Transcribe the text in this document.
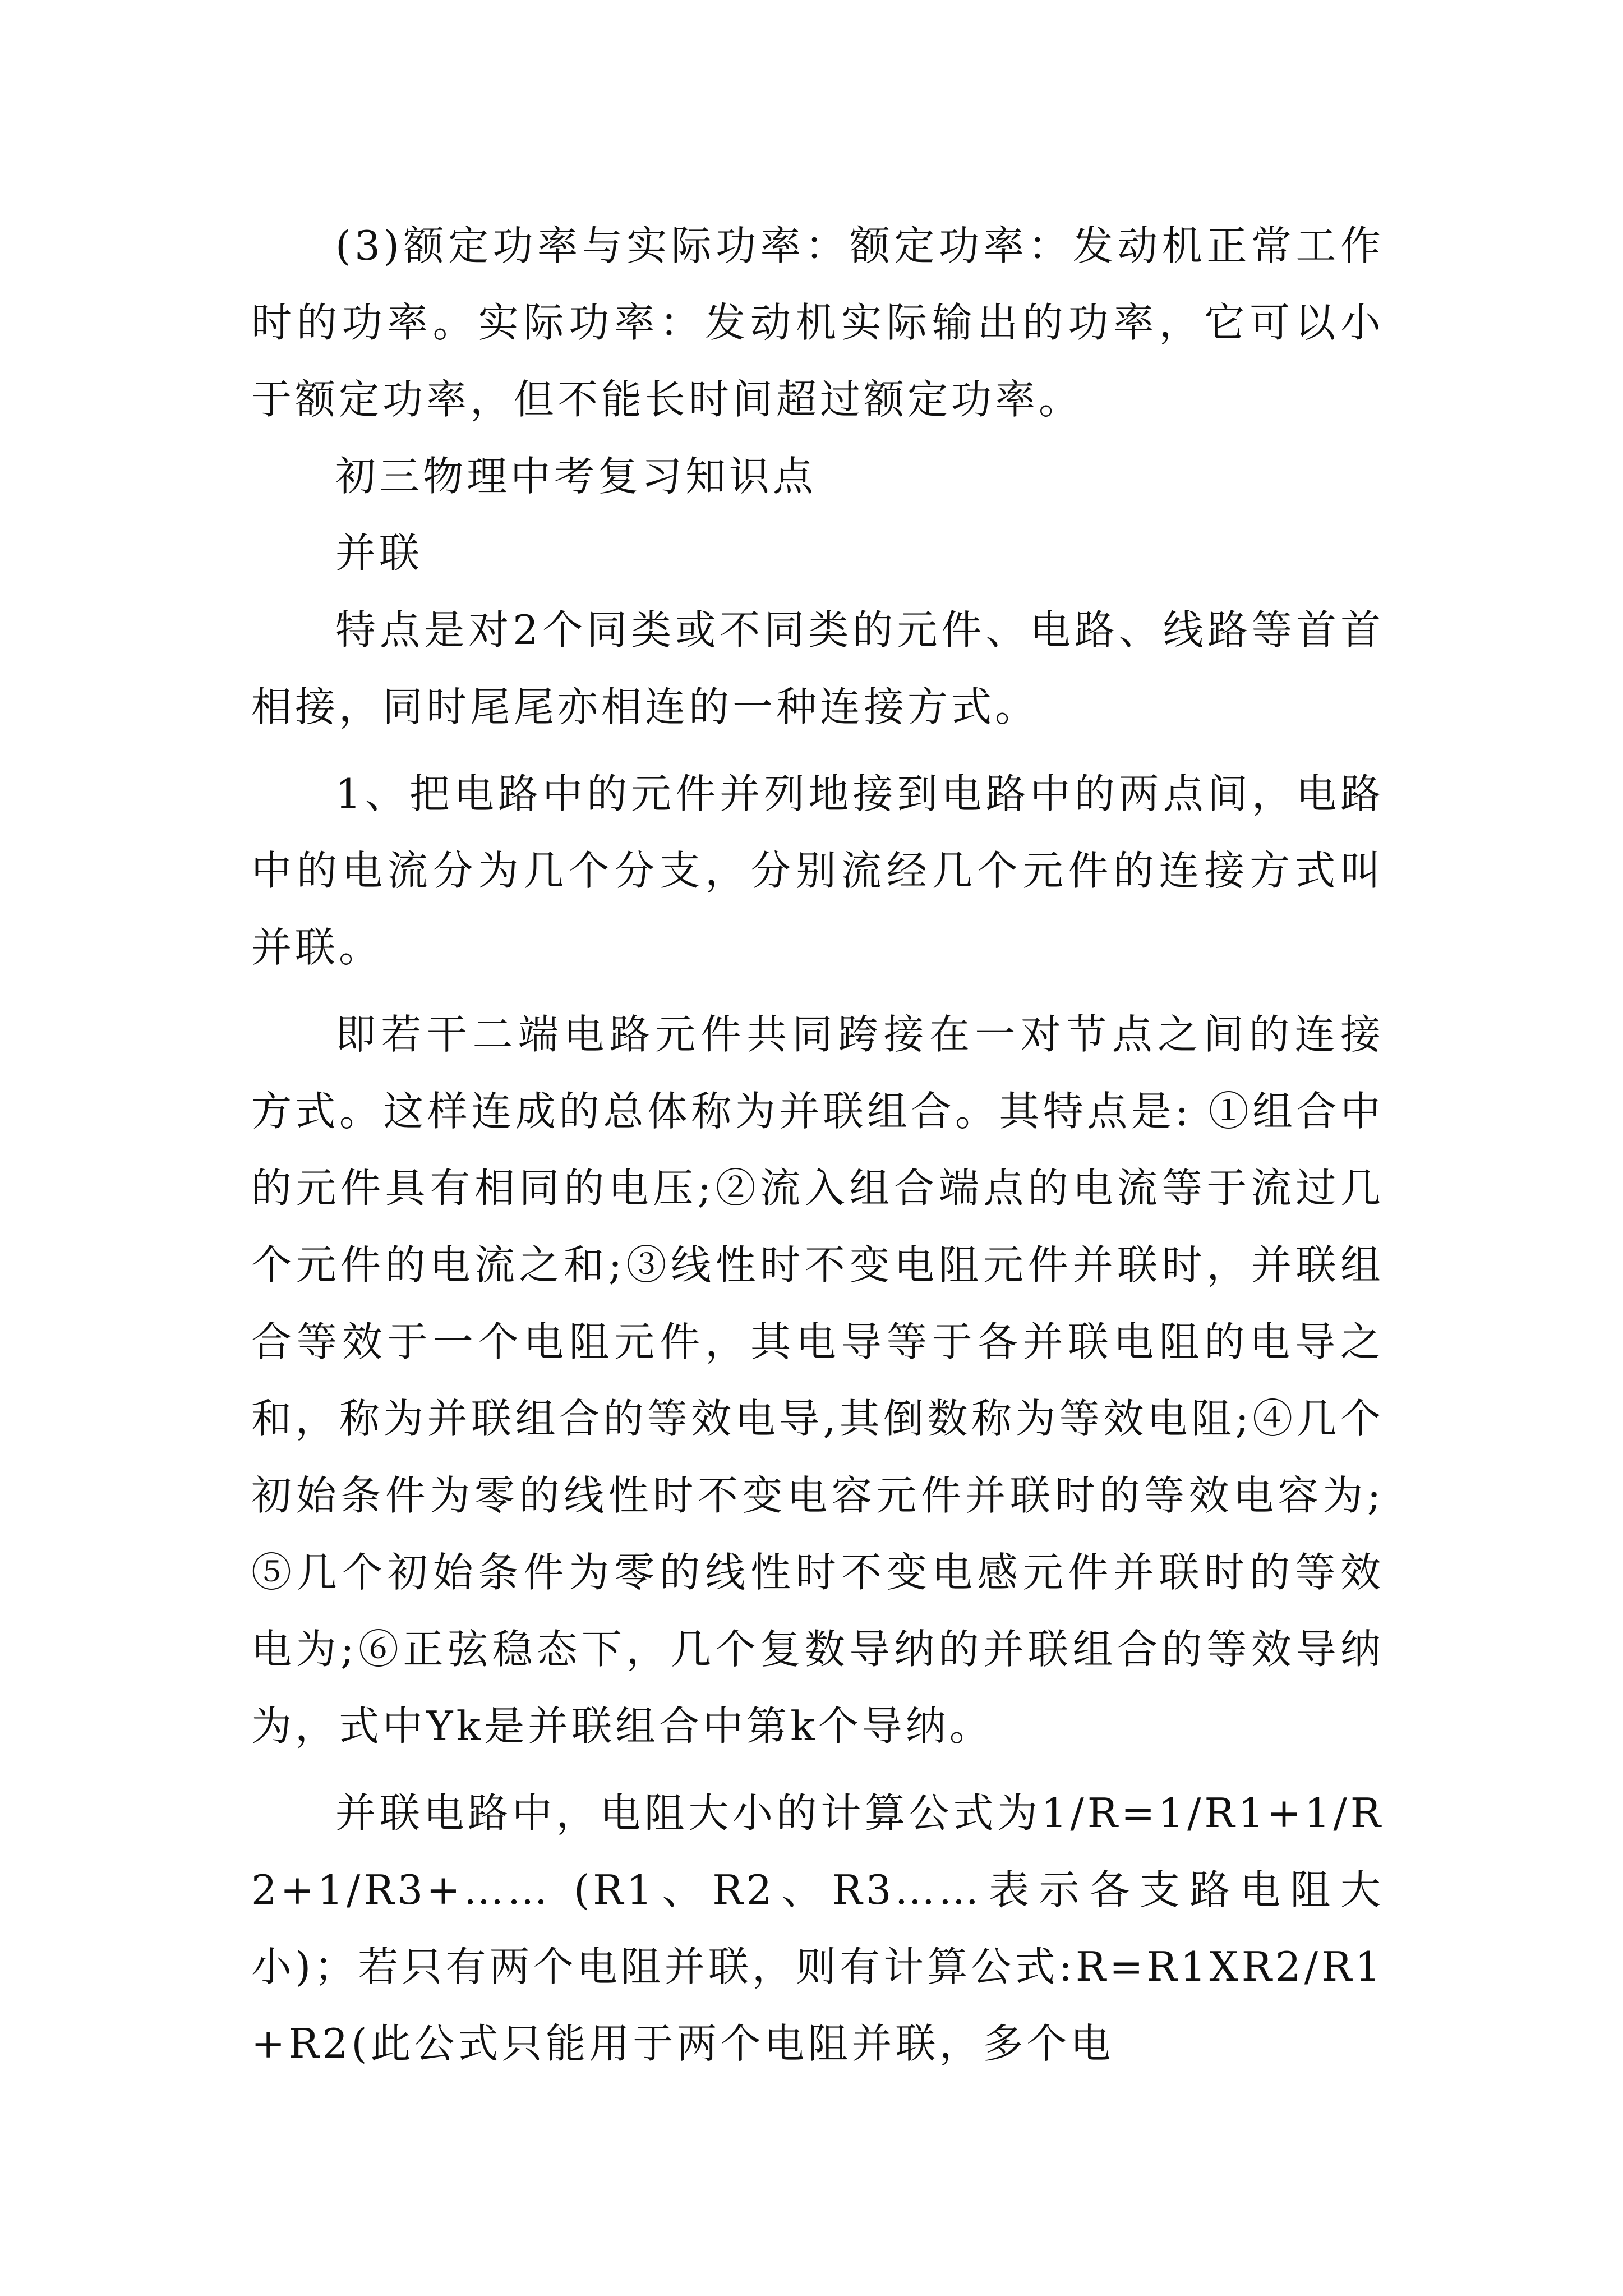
(3)额定功率与实际功率：额定功率：发动机正常工作时的功率。实际功率：发动机实际输出的功率，它可以小于额定功率，但不能长时间超过额定功率。

初三物理中考复习知识点

并联

特点是对2个同类或不同类的元件、电路、线路等首首相接，同时尾尾亦相连的一种连接方式。

1、把电路中的元件并列地接到电路中的两点间，电路中的电流分为几个分支，分别流经几个元件的连接方式叫并联。

即若干二端电路元件共同跨接在一对节点之间的连接方式。这样连成的总体称为并联组合。其特点是: ①组合中的元件具有相同的电压;②流入组合端点的电流等于流过几个元件的电流之和;③线性时不变电阻元件并联时，并联组合等效于一个电阻元件，其电导等于各并联电阻的电导之和，称为并联组合的等效电导,其倒数称为等效电阻;④几个初始条件为零的线性时不变电容元件并联时的等效电容为;⑤几个初始条件为零的线性时不变电感元件并联时的等效电为;⑥正弦稳态下，几个复数导纳的并联组合的等效导纳为，式中Yk是并联组合中第k个导纳。

并联电路中，电阻大小的计算公式为1/R=1/R1+1/R2+1/R3+…… (R1、R2、R3……表示各支路电阻大小)；若只有两个电阻并联，则有计算公式:R=R1XR2/R1+R2(此公式只能用于两个电阻并联，多个电
